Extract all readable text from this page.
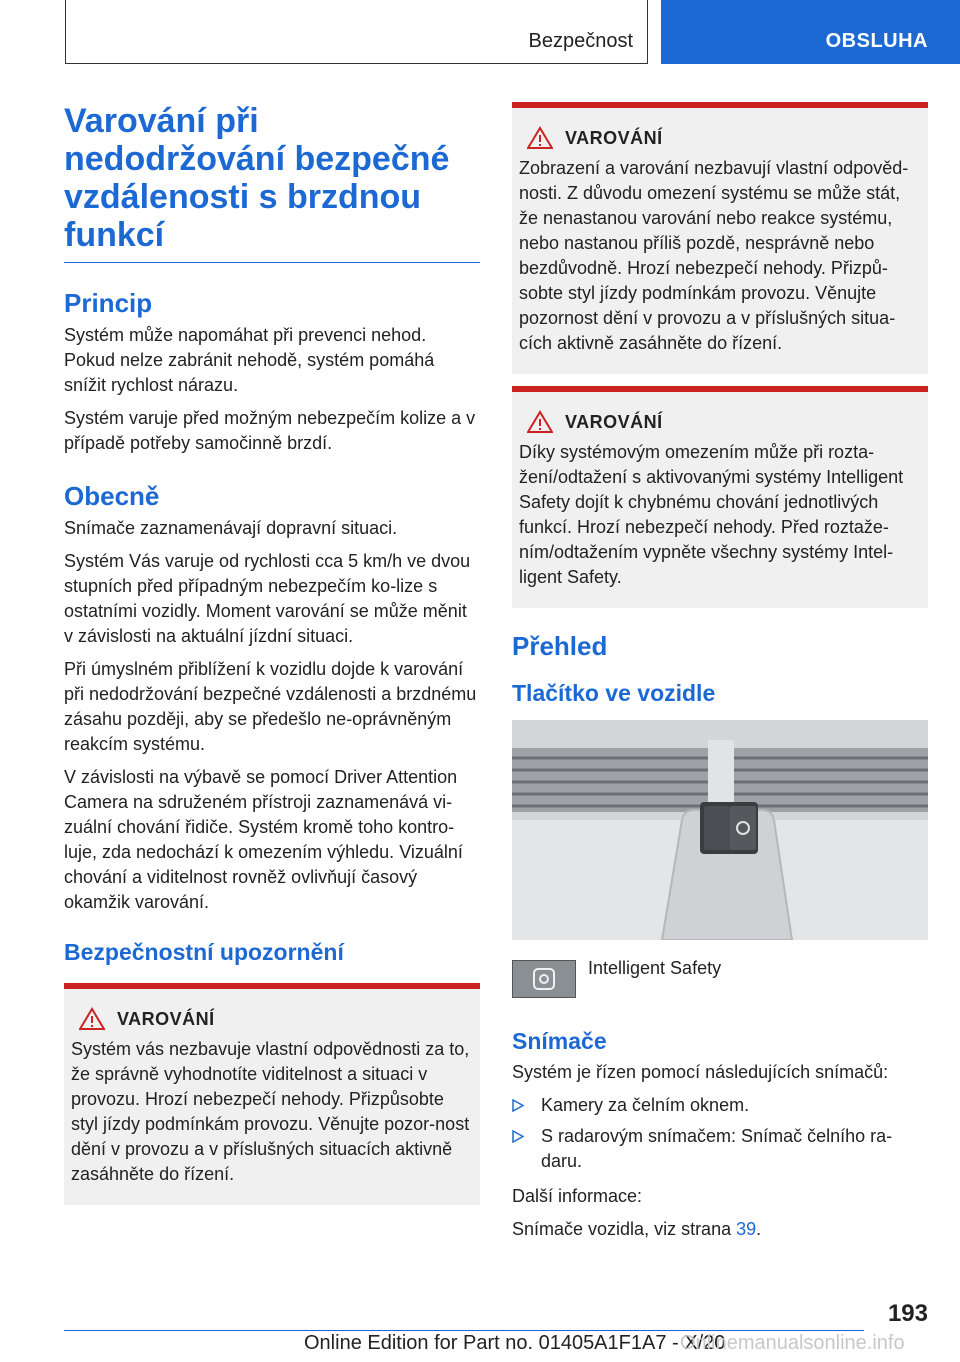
Bezpečnost	OBSLUHA
Varování při nedodržování bezpečné vzdálenosti s brzdnou funkcí
Princip

Systém může napomáhat při prevenci nehod. Pokud nelze zabránit nehodě, systém pomáhá snížit rychlost nárazu.

Systém varuje před možným nebezpečím kolize a v případě potřeby samočinně brzdí.

Obecně

Snímače zaznamenávají dopravní situaci.

Systém Vás varuje od rychlosti cca 5 km/h ve dvou stupních před případným nebezpečím ko‐lize s ostatními vozidly. Moment varování se může měnit v závislosti na aktuální jízdní situaci.

Při úmyslném přiblížení k vozidlu dojde k varování při nedodržování bezpečné vzdálenosti a brzdnému zásahu později, aby se předešlo ne‐oprávněným reakcím systému.

V závislosti na výbavě se pomocí Driver Attention Camera na sdruženém přístroji zaznamenává vi‐zuální chování řidiče. Systém kromě toho kontro‐luje, zda nedochází k omezením výhledu. Vizuální chování a viditelnost rovněž ovlivňují časový okamžik varování.

Bezpečnostní upozornění
VAROVÁNÍ

Systém vás nezbavuje vlastní odpovědnosti za to, že správně vyhodnotíte viditelnost a situaci v provozu. Hrozí nebezpečí nehody. Přizpůsobte styl jízdy podmínkám provozu. Věnujte pozor‐nost dění v provozu a v příslušných situacích aktivně zasáhněte do řízení.

VAROVÁNÍ

Zobrazení a varování nezbavují vlastní odpověd‐nosti. Z důvodu omezení systému se může stát, že nenastanou varování nebo reakce systému, nebo nastanou příliš pozdě, nesprávně nebo bezdůvodně. Hrozí nebezpečí nehody. Přizpů‐sobte styl jízdy podmínkám provozu. Věnujte pozornost dění v provozu a v příslušných situa‐cích aktivně zasáhněte do řízení.

VAROVÁNÍ

Díky systémovým omezením může při rozta‐žení/odtažení s aktivovanými systémy Intelligent Safety dojít k chybnému chování jednotlivých funkcí. Hrozí nebezpečí nehody. Před roztaže‐ním/odtažením vypněte všechny systémy Intel‐ligent Safety.

Přehled
Tlačítko ve vozidle
Intelligent Safety
Snímače

Systém je řízen pomocí následujících snímačů:

Kamery za čelním oknem.
S radarovým snímačem: Snímač čelního ra‐daru.

Další informace:

Snímače vozidla, viz strana 39.

193
Online Edition for Part no. 01405A1F1A7 - X/20
Onlinemanualsonline.info
